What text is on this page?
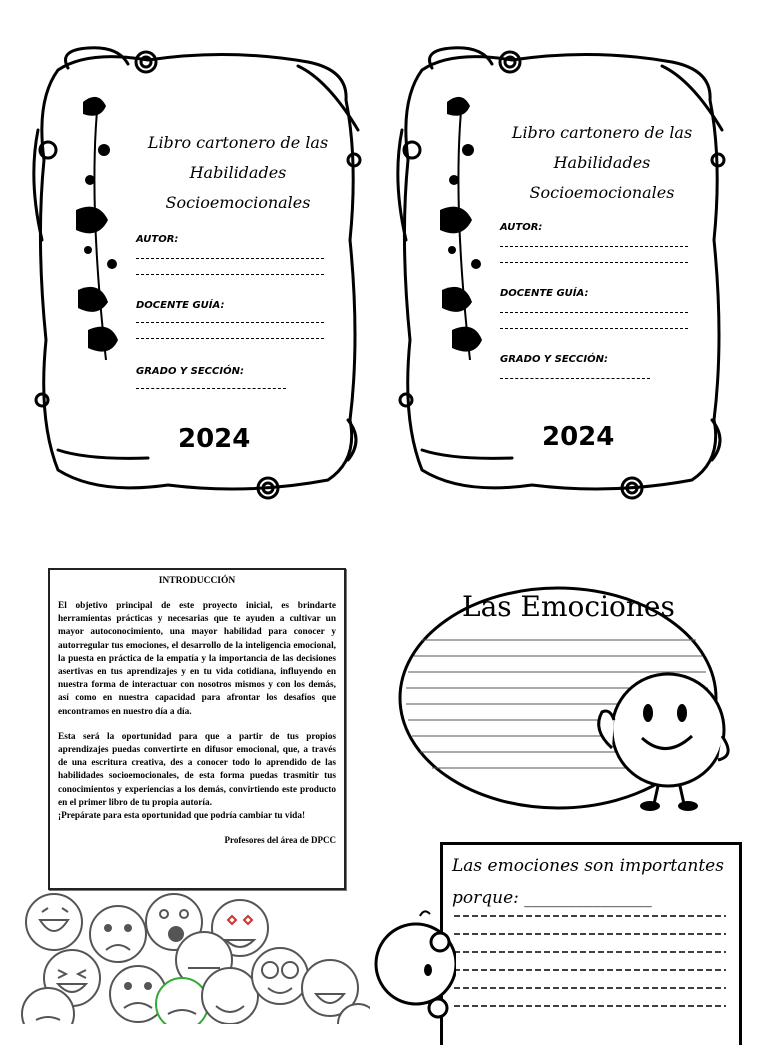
Libro cartonero de las Habilidades Socioemocionales
AUTOR:
DOCENTE GUÍA:
GRADO Y SECCIÓN:
2024
Libro cartonero de las Habilidades Socioemocionales
AUTOR:
DOCENTE GUÍA:
GRADO Y SECCIÓN:
2024
INTRODUCCIÓN

El objetivo principal de este proyecto inicial, es brindarte herramientas prácticas y necesarias que te ayuden a cultivar un mayor autoconocimiento, una mayor habilidad para conocer y autorregular tus emociones, el desarrollo de la inteligencia emocional, la puesta en práctica de la empatía y la importancia de las decisiones asertivas en tus aprendizajes y en tu vida cotidiana, influyendo en nuestra forma de interactuar con nosotros mismos y con los demás, así como en nuestra capacidad para afrontar los desafíos que encontramos en nuestro día a día.

Esta será la oportunidad para que a partir de tus propios aprendizajes puedas convertirte en difusor emocional, que, a través de una escritura creativa, des a conocer todo lo aprendido de las habilidades socioemocionales, de esta forma puedas trasmitir tus conocimientos y experiencias a los demás, convirtiendo este producto en el primer libro de tu propia autoría.

¡Prepárate para esta oportunidad que podría cambiar tu vida!

Profesores del área de DPCC
Las Emociones
Las emociones son importantes porque: _______________
